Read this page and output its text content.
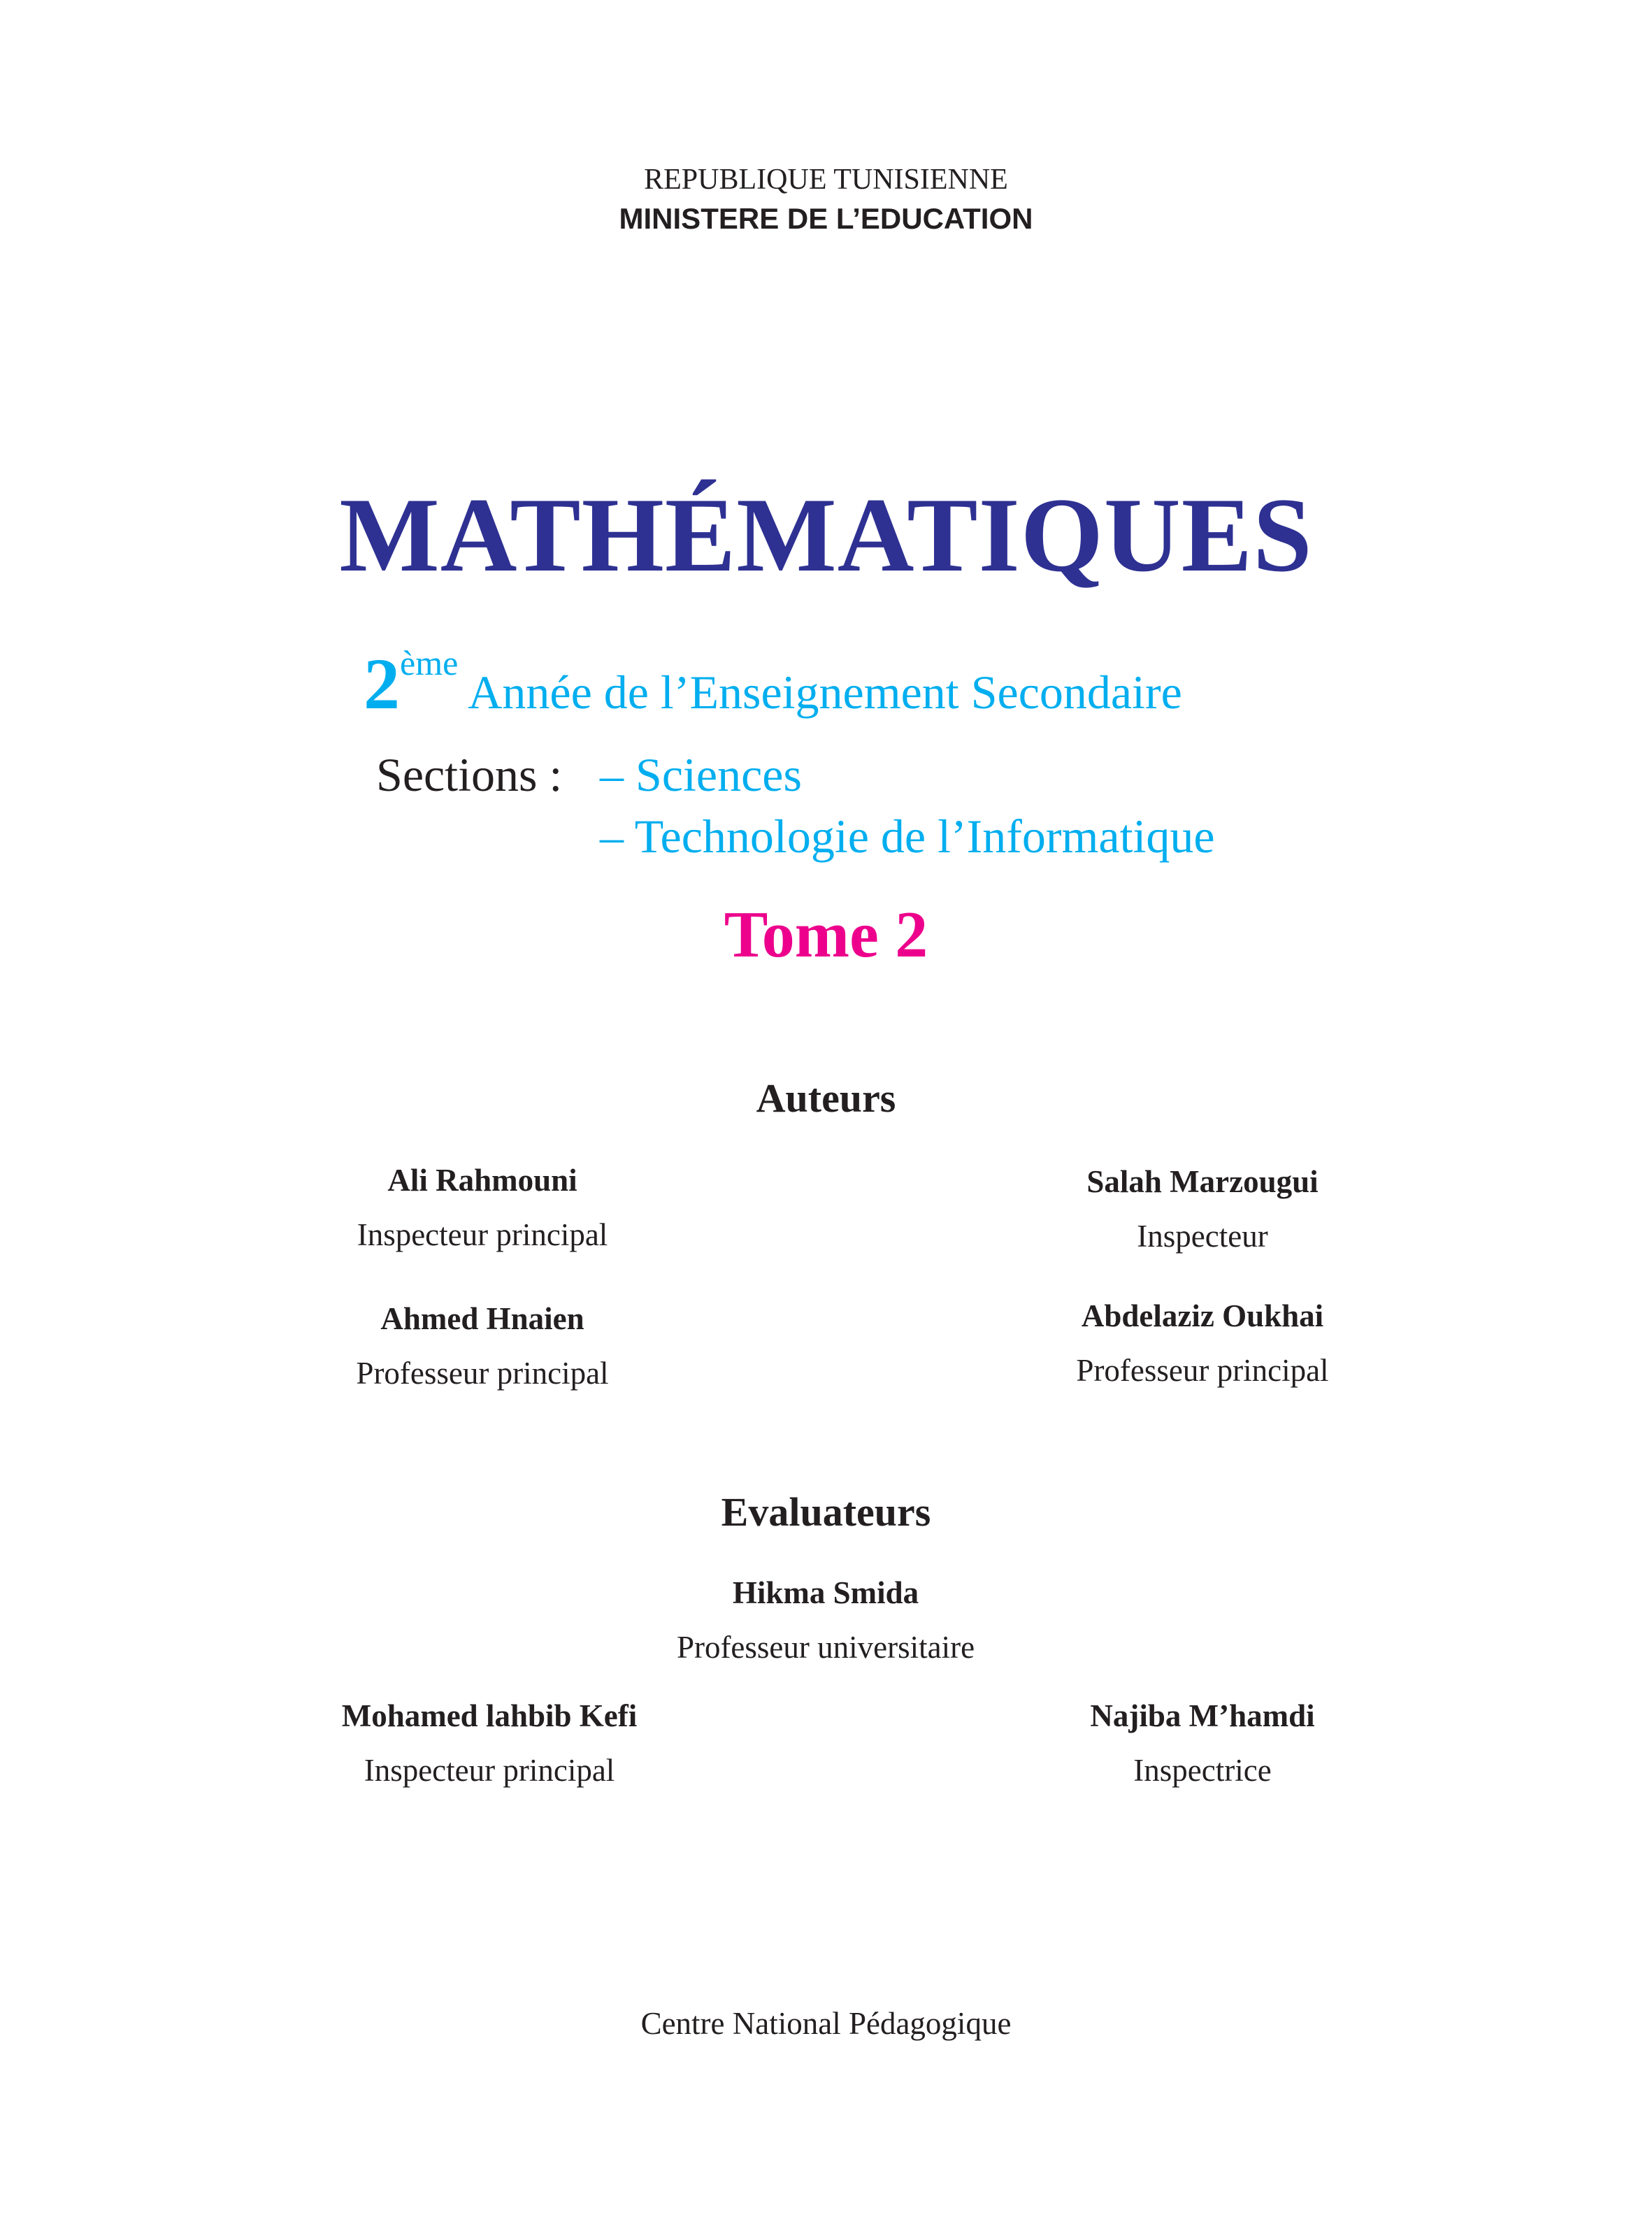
REPUBLIQUE TUNISIENNE
MINISTERE DE L’EDUCATION
MATHÉMATIQUES
2èmeAnnée de l’Enseignement Secondaire
Sections : – Sciences
– Technologie de l’Informatique
Tome 2
Auteurs
Ali Rahmouni
Inspecteur principal
Salah Marzougui
Inspecteur
Ahmed Hnaien
Professeur principal
Abdelaziz Oukhai
Professeur principal
Evaluateurs
Hikma Smida
Professeur universitaire
Mohamed lahbib Kefi
Inspecteur principal
Najiba M’hamdi
Inspectrice
Centre National Pédagogique
